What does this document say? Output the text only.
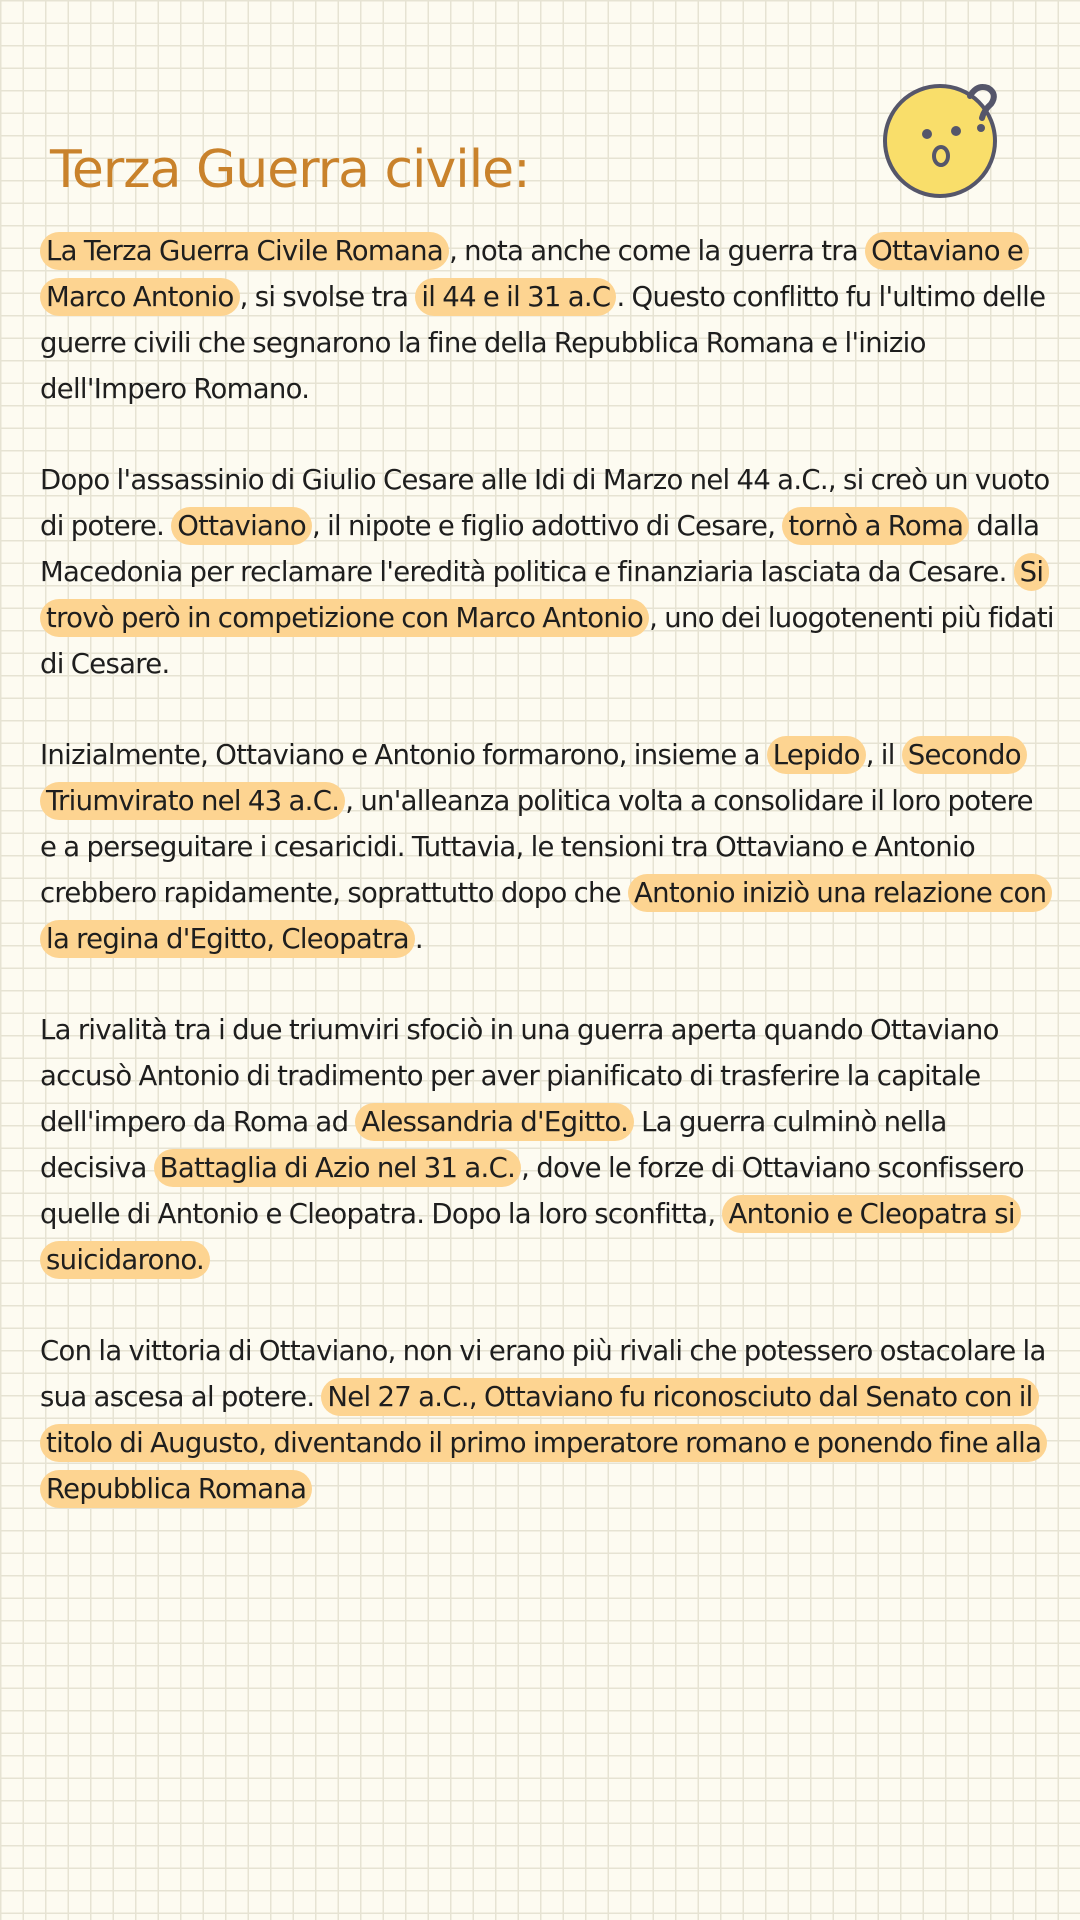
Terza Guerra civile:

La Terza Guerra Civile Romana , nota anche come la guerra tra Ottaviano e Marco Antonio , si svolse tra il 44 e il 31 a.C . Questo conflitto fu l'ultimo delle guerre civili che segnarono la fine della Repubblica Romana e l'inizio dell'Impero Romano.

Dopo l'assassinio di Giulio Cesare alle Idi di Marzo nel 44 a.C., si creò un vuoto di potere. Ottaviano , il nipote e figlio adottivo di Cesare, tornò a Roma dalla Macedonia per reclamare l'eredità politica e finanziaria lasciata da Cesare. Si trovò però in competizione con Marco Antonio , uno dei luogotenenti più fidati di Cesare.

Inizialmente, Ottaviano e Antonio formarono, insieme a Lepido , il Secondo Triumvirato nel 43 a.C. , un'alleanza politica volta a consolidare il loro potere e a perseguitare i cesaricidi. Tuttavia, le tensioni tra Ottaviano e Antonio crebbero rapidamente, soprattutto dopo che Antonio iniziò una relazione con la regina d'Egitto, Cleopatra .

La rivalità tra i due triumviri sfociò in una guerra aperta quando Ottaviano accusò Antonio di tradimento per aver pianificato di trasferire la capitale dell'impero da Roma ad Alessandria d'Egitto. La guerra culminò nella decisiva Battaglia di Azio nel 31 a.C. , dove le forze di Ottaviano sconfissero quelle di Antonio e Cleopatra. Dopo la loro sconfitta, Antonio e Cleopatra si suicidarono.

Con la vittoria di Ottaviano, non vi erano più rivali che potessero ostacolare la sua ascesa al potere. Nel 27 a.C., Ottaviano fu riconosciuto dal Senato con il titolo di Augusto, diventando il primo imperatore romano e ponendo fine alla Repubblica Romana
